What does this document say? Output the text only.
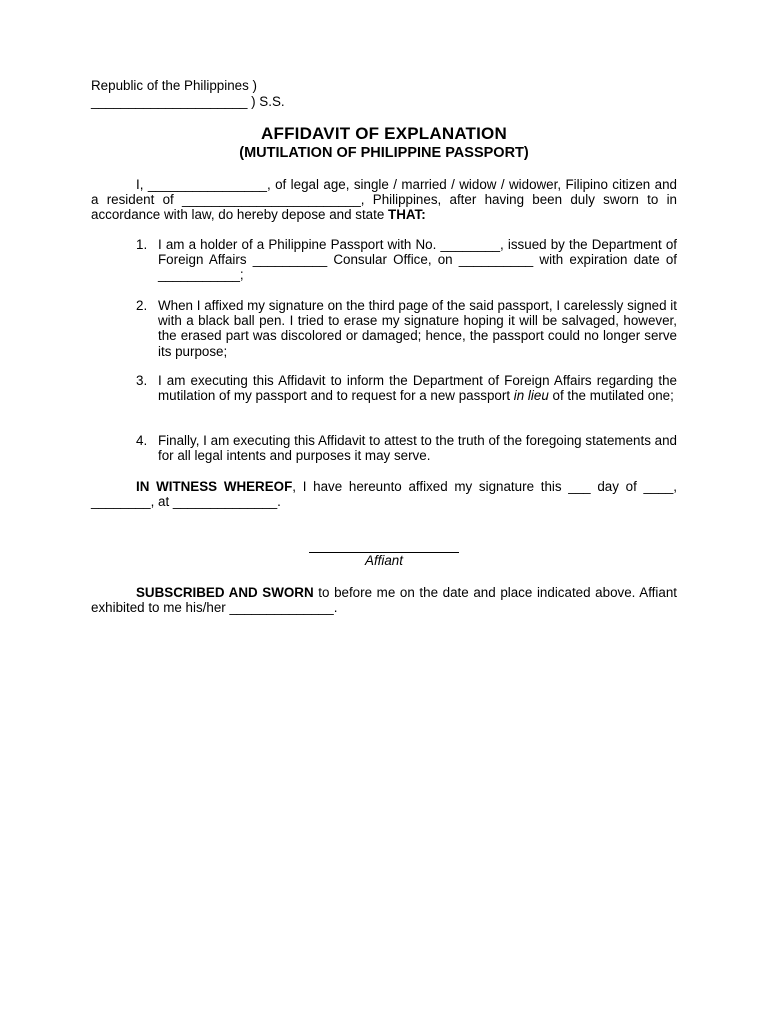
Republic of the Philippines )
_____________________ ) S.S.
AFFIDAVIT OF EXPLANATION
(MUTILATION OF PHILIPPINE PASSPORT)

I, ________________, of legal age, single / married / widow / widower, Filipino citizen and a resident of ________________________, Philippines, after having been duly sworn to in accordance with law, do hereby depose and state THAT:

1. I am a holder of a Philippine Passport with No. ________, issued by the Department of Foreign Affairs __________ Consular Office, on __________ with expiration date of ___________;
2. When I affixed my signature on the third page of the said passport, I carelessly signed it with a black ball pen. I tried to erase my signature hoping it will be salvaged, however, the erased part was discolored or damaged; hence, the passport could no longer serve its purpose;
3. I am executing this Affidavit to inform the Department of Foreign Affairs regarding the mutilation of my passport and to request for a new passport in lieu of the mutilated one;
4. Finally, I am executing this Affidavit to attest to the truth of the foregoing statements and for all legal intents and purposes it may serve.

IN WITNESS WHEREOF, I have hereunto affixed my signature this ___ day of ____, ________, at ______________.

Affiant

SUBSCRIBED AND SWORN to before me on the date and place indicated above. Affiant exhibited to me his/her ______________.
